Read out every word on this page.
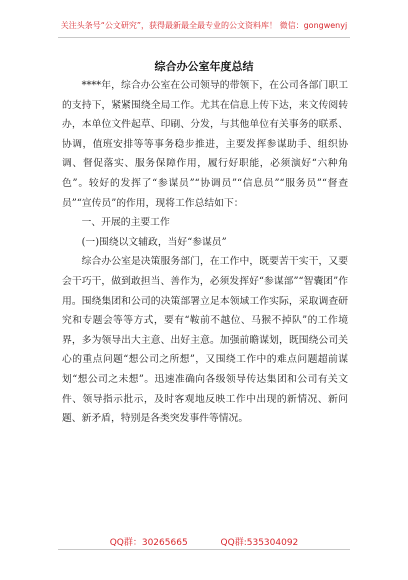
关注头条号“公文研究”，获得最新最全最专业的公文资料库！ 微信：gongwenyj
综合办公室年度总结

****年，综合办公室在公司领导的带领下，在公司各部门职工的支持下，紧紧围绕全局工作。尤其在信息上传下达，来文传阅转办，本单位文件起草、印刷、分发，与其他单位有关事务的联系、协调，值班安排等等事务稳步推进，主要发挥参谋助手、组织协调、督促落实、服务保障作用，履行好职能，必须演好“六种角色”。较好的发挥了“参谋员”“协调员”“信息员”“服务员”“督查员”“宣传员”的作用，现将工作总结如下：

一、开展的主要工作

(一)围绕以文辅政，当好“参谋员”

综合办公室是决策服务部门，在工作中，既要苦干实干，又要会干巧干，做到敢担当、善作为，必须发挥好“参谋部”“智囊团”作用。围绕集团和公司的决策部署立足本领域工作实际，采取调查研究和专题会等等方式，要有“鞍前不越位、马猴不掉队”的工作境界，多为领导出大主意、出好主意。加强前瞻谋划，既围绕公司关心的重点问题“想公司之所想”，又围绕工作中的难点问题超前谋划“想公司之未想”。迅速准确向各级领导传达集团和公司有关文件、领导指示批示，及时客观地反映工作中出现的新情况、新问题、新矛盾，特别是各类突发事件等情况。

QQ群：30265665	QQ群:535304092
